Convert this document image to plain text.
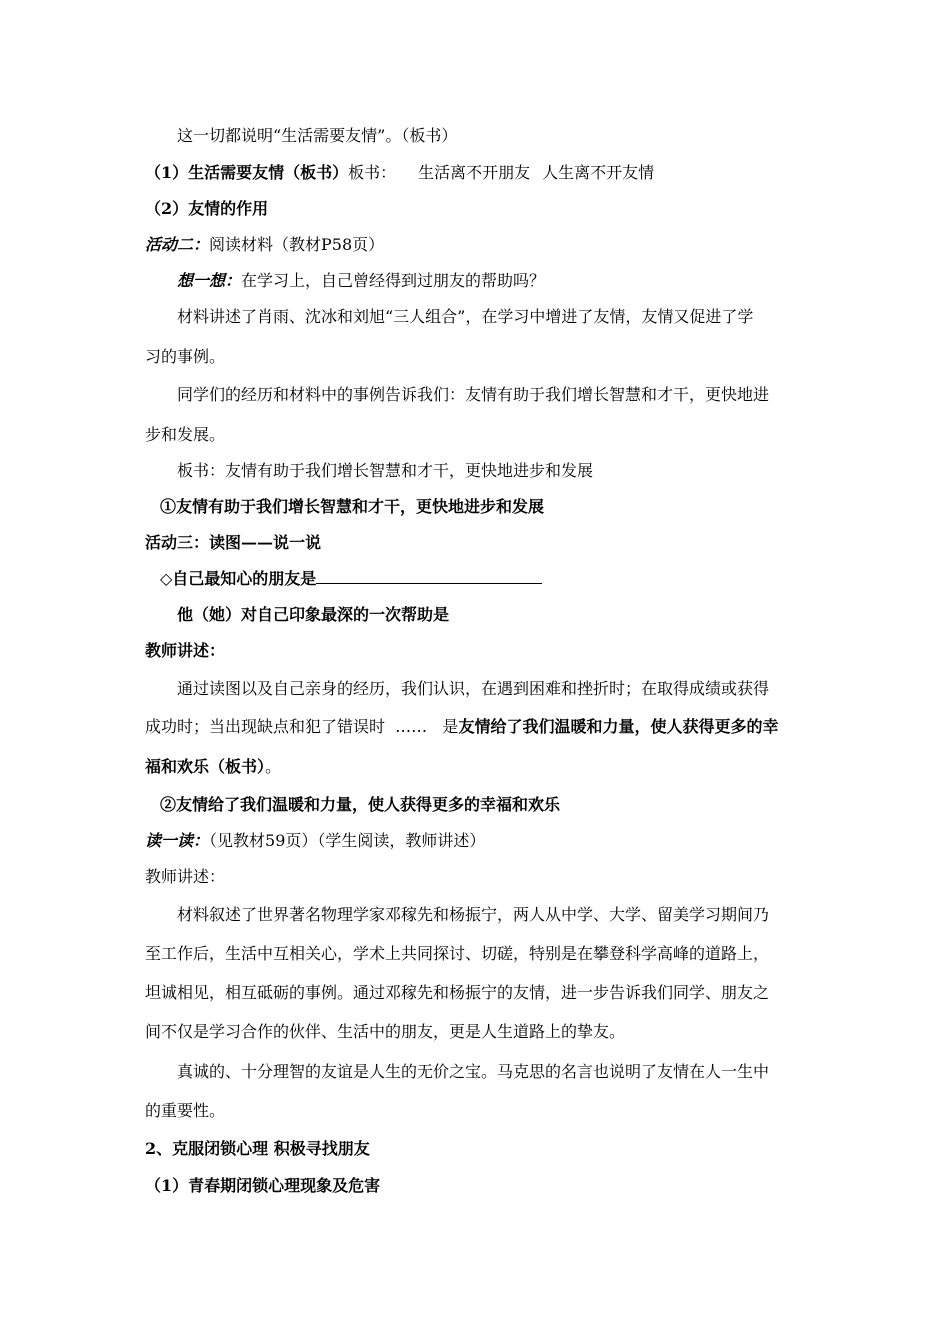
这一切都说明“生活需要友情”。（板书）
（1）生活需要友情（板书）板书： 生活离不开朋友 人生离不开友情
（2）友情的作用
活动二：阅读材料（教材P58页）
想一想：在学习上，自己曾经得到过朋友的帮助吗？
材料讲述了肖雨、沈冰和刘旭“三人组合”，在学习中增进了友情，友情又促进了学
习的事例。
同学们的经历和材料中的事例告诉我们：友情有助于我们增长智慧和才干，更快地进
步和发展。
板书：友情有助于我们增长智慧和才干，更快地进步和发展
①友情有助于我们增长智慧和才干，更快地进步和发展
活动三：读图——说一说
◇自己最知心的朋友是
他（她）对自己印象最深的一次帮助是
教师讲述：
通过读图以及自己亲身的经历，我们认识，在遇到困难和挫折时；在取得成绩或获得
成功时；当出现缺点和犯了错误时  ……   是友情给了我们温暖和力量，使人获得更多的幸
福和欢乐（板书）。
②友情给了我们温暖和力量，使人获得更多的幸福和欢乐
读一读：（见教材59页）（学生阅读，教师讲述）
教师讲述：
材料叙述了世界著名物理学家邓稼先和杨振宁，两人从中学、大学、留美学习期间乃
至工作后，生活中互相关心，学术上共同探讨、切磋，特别是在攀登科学高峰的道路上，
坦诚相见，相互砥砺的事例。通过邓稼先和杨振宁的友情，进一步告诉我们同学、朋友之
间不仅是学习合作的伙伴、生活中的朋友，更是人生道路上的挚友。
真诚的、十分理智的友谊是人生的无价之宝。马克思的名言也说明了友情在人一生中
的重要性。
2、克服闭锁心理 积极寻找朋友
（1）青春期闭锁心理现象及危害
